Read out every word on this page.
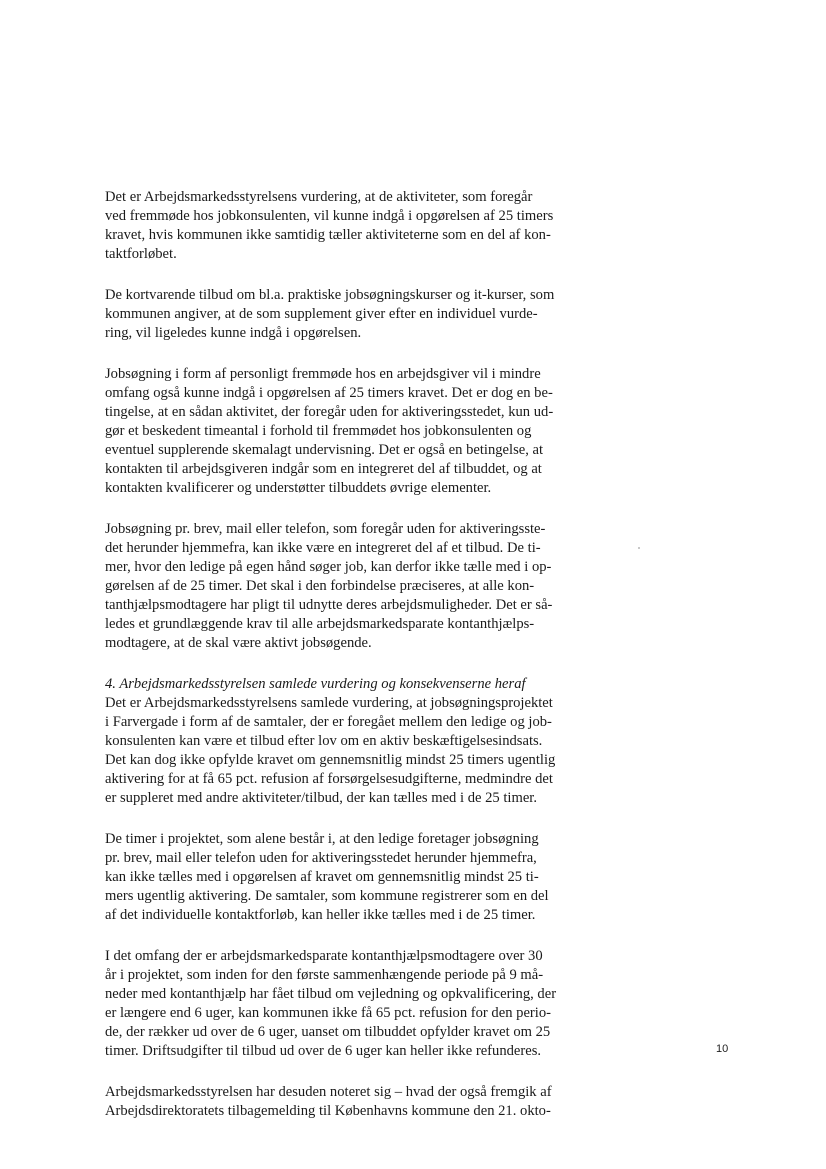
Det er Arbejdsmarkedsstyrelsens vurdering, at de aktiviteter, som foregår
ved fremmøde hos jobkonsulenten, vil kunne indgå i opgørelsen af 25 timers
kravet, hvis kommunen ikke samtidig tæller aktiviteterne som en del af kon-
taktforløbet.
De kortvarende tilbud om bl.a. praktiske jobsøgningskurser og it-kurser, som
kommunen angiver, at de som supplement giver efter en individuel vurde-
ring, vil ligeledes kunne indgå i opgørelsen.
Jobsøgning i form af personligt fremmøde hos en arbejdsgiver vil i mindre
omfang også kunne indgå i opgørelsen af 25 timers kravet. Det er dog en be-
tingelse, at en sådan aktivitet, der foregår uden for aktiveringsstedet, kun ud-
gør et beskedent timeantal i forhold til fremmødet hos jobkonsulenten og
eventuel supplerende skemalagt undervisning. Det er også en betingelse, at
kontakten til arbejdsgiveren indgår som en integreret del af tilbuddet, og at
kontakten kvalificerer og understøtter tilbuddets øvrige elementer.
Jobsøgning pr. brev, mail eller telefon, som foregår uden for aktiveringsste-
det herunder hjemmefra, kan ikke være en integreret del af et tilbud. De ti-
mer, hvor den ledige på egen hånd søger job, kan derfor ikke tælle med i op-
gørelsen af de 25 timer. Det skal i den forbindelse præciseres, at alle kon-
tanthjælpsmodtagere har pligt til udnytte deres arbejdsmuligheder. Det er så-
ledes et grundlæggende krav til alle arbejdsmarkedsparate kontanthjælps-
modtagere, at de skal være aktivt jobsøgende.
4. Arbejdsmarkedsstyrelsen samlede vurdering og konsekvenserne heraf
Det er Arbejdsmarkedsstyrelsens samlede vurdering, at jobsøgningsprojektet
i Farvergade i form af de samtaler, der er foregået mellem den ledige og job-
konsulenten kan være et tilbud efter lov om en aktiv beskæftigelsesindsats.
Det kan dog ikke opfylde kravet om gennemsnitlig mindst 25 timers ugentlig
aktivering for at få 65 pct. refusion af forsørgelsesudgifterne, medmindre det
er suppleret med andre aktiviteter/tilbud, der kan tælles med i de 25 timer.
De timer i projektet, som alene består i, at den ledige foretager jobsøgning
pr. brev, mail eller telefon uden for aktiveringsstedet herunder hjemmefra,
kan ikke tælles med i opgørelsen af kravet om gennemsnitlig mindst 25 ti-
mers ugentlig aktivering. De samtaler, som kommune registrerer som en del
af det individuelle kontaktforløb, kan heller ikke tælles med i de 25 timer.
I det omfang der er arbejdsmarkedsparate kontanthjælpsmodtagere over 30
år i projektet, som inden for den første sammenhængende periode på 9 må-
neder med kontanthjælp har fået tilbud om vejledning og opkvalificering, der
er længere end 6 uger, kan kommunen ikke få 65 pct. refusion for den perio-
de, der rækker ud over de 6 uger, uanset om tilbuddet opfylder kravet om 25
timer. Driftsudgifter til tilbud ud over de 6 uger kan heller ikke refunderes.
Arbejdsmarkedsstyrelsen har desuden noteret sig – hvad der også fremgik af
Arbejdsdirektoratets tilbagemelding til Københavns kommune den 21. okto-
10
